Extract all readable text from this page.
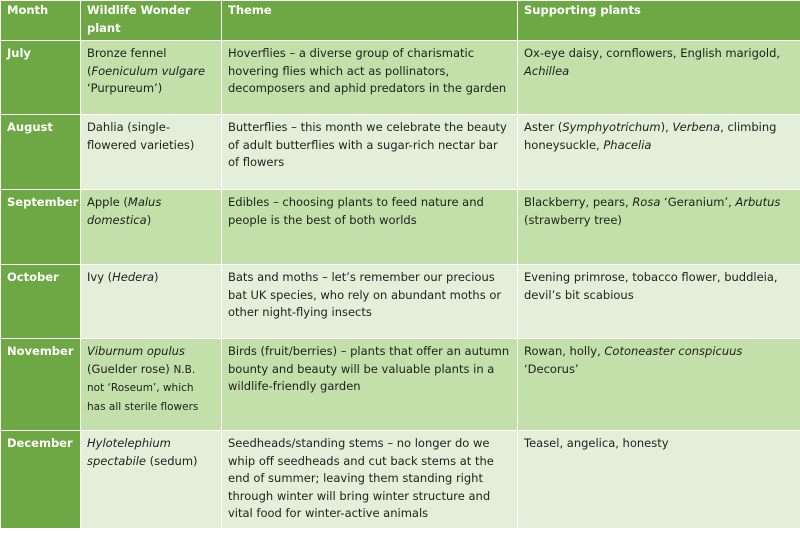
Month	Wildlife Wonder plant	Theme	Supporting plants
July	Bronze fennel (Foeniculum vulgare ‘Purpureum’)	Hoverflies – a diverse group of charismatic hovering flies which act as pollinators, decomposers and aphid predators in the garden	Ox-eye daisy, cornflowers, English marigold, Achillea
August	Dahlia (single-flowered varieties)	Butterflies – this month we celebrate the beauty of adult butterflies with a sugar-rich nectar bar of flowers	Aster (Symphyotrichum), Verbena, climbing honeysuckle, Phacelia
September	Apple (Malus domestica)	Edibles – choosing plants to feed nature and people is the best of both worlds	Blackberry, pears, Rosa ‘Geranium’, Arbutus (strawberry tree)
October	Ivy (Hedera)	Bats and moths – let’s remember our precious bat UK species, who rely on abundant moths or other night-flying insects	Evening primrose, tobacco flower, buddleia, devil’s bit scabious
November	Viburnum opulus (Guelder rose) N.B. not ‘Roseum’, which has all sterile flowers	Birds (fruit/berries) – plants that offer an autumn bounty and beauty will be valuable plants in a wildlife-friendly garden	Rowan, holly, Cotoneaster conspicuus ‘Decorus’
December	Hylotelephium spectabile (sedum)	Seedheads/standing stems – no longer do we whip off seedheads and cut back stems at the end of summer; leaving them standing right through winter will bring winter structure and vital food for winter-active animals	Teasel, angelica, honesty
